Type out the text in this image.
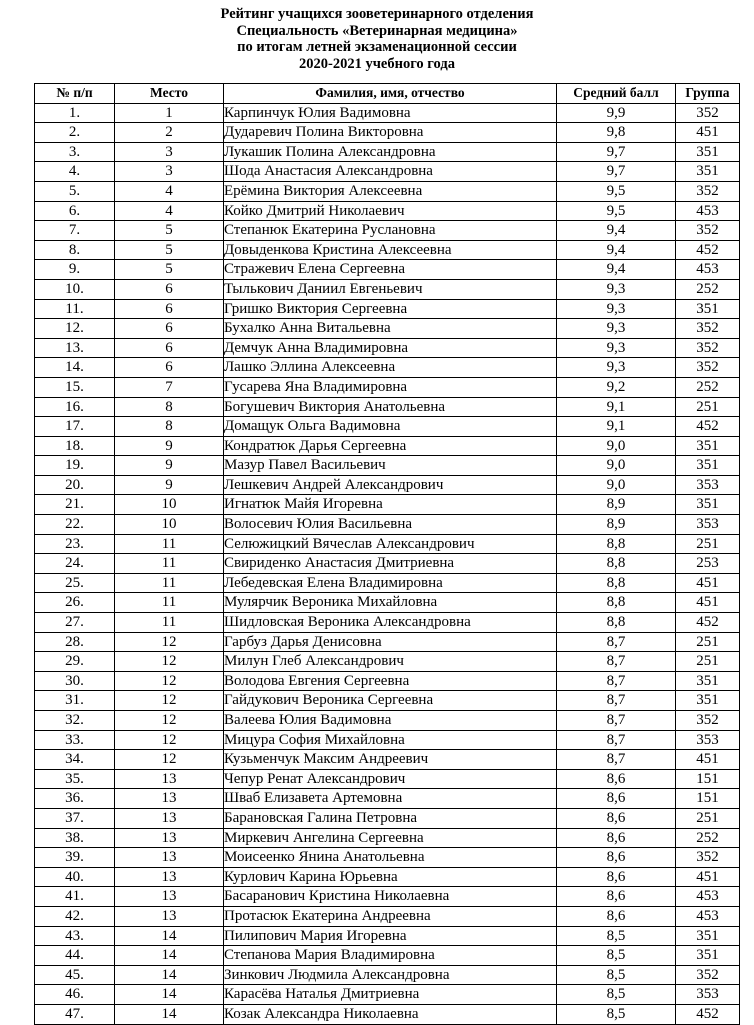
Рейтинг учащихся зооветеринарного отделения
Специальность «Ветеринарная медицина»
по итогам летней экзаменационной сессии
2020-2021 учебного года
№ п/п	Место	Фамилия, имя, отчество	Средний балл	Группа
1.	1	Карпинчук Юлия Вадимовна	9,9	352
2.	2	Дударевич Полина Викторовна	9,8	451
3.	3	Лукашик Полина Александровна	9,7	351
4.	3	Шода Анастасия Александровна	9,7	351
5.	4	Ерёмина Виктория Алексеевна	9,5	352
6.	4	Койко Дмитрий Николаевич	9,5	453
7.	5	Степанюк Екатерина Руслановна	9,4	352
8.	5	Довыденкова Кристина Алексеевна	9,4	452
9.	5	Стражевич Елена Сергеевна	9,4	453
10.	6	Тылькович Даниил Евгеньевич	9,3	252
11.	6	Гришко Виктория Сергеевна	9,3	351
12.	6	Бухалко Анна Витальевна	9,3	352
13.	6	Демчук Анна Владимировна	9,3	352
14.	6	Лашко Эллина Алексеевна	9,3	352
15.	7	Гусарева Яна Владимировна	9,2	252
16.	8	Богушевич Виктория Анатольевна	9,1	251
17.	8	Домащук Ольга Вадимовна	9,1	452
18.	9	Кондратюк Дарья Сергеевна	9,0	351
19.	9	Мазур Павел Васильевич	9,0	351
20.	9	Лешкевич Андрей Александрович	9,0	353
21.	10	Игнатюк Майя Игоревна	8,9	351
22.	10	Волосевич Юлия Васильевна	8,9	353
23.	11	Селюжицкий Вячеслав Александрович	8,8	251
24.	11	Свириденко Анастасия Дмитриевна	8,8	253
25.	11	Лебедевская Елена Владимировна	8,8	451
26.	11	Мулярчик Вероника Михайловна	8,8	451
27.	11	Шидловская Вероника Александровна	8,8	452
28.	12	Гарбуз Дарья Денисовна	8,7	251
29.	12	Милун Глеб Александрович	8,7	251
30.	12	Володова Евгения Сергеевна	8,7	351
31.	12	Гайдукович Вероника Сергеевна	8,7	351
32.	12	Валеева Юлия Вадимовна	8,7	352
33.	12	Мицура София Михайловна	8,7	353
34.	12	Кузьменчук Максим Андреевич	8,7	451
35.	13	Чепур Ренат Александрович	8,6	151
36.	13	Шваб Елизавета Артемовна	8,6	151
37.	13	Барановская Галина Петровна	8,6	251
38.	13	Миркевич Ангелина Сергеевна	8,6	252
39.	13	Моисеенко Янина Анатольевна	8,6	352
40.	13	Курлович Карина Юрьевна	8,6	451
41.	13	Басаранович Кристина Николаевна	8,6	453
42.	13	Протасюк Екатерина Андреевна	8,6	453
43.	14	Пилипович Мария Игоревна	8,5	351
44.	14	Степанова Мария Владимировна	8,5	351
45.	14	Зинкович Людмила Александровна	8,5	352
46.	14	Карасёва Наталья Дмитриевна	8,5	353
47.	14	Козак Александра Николаевна	8,5	452
